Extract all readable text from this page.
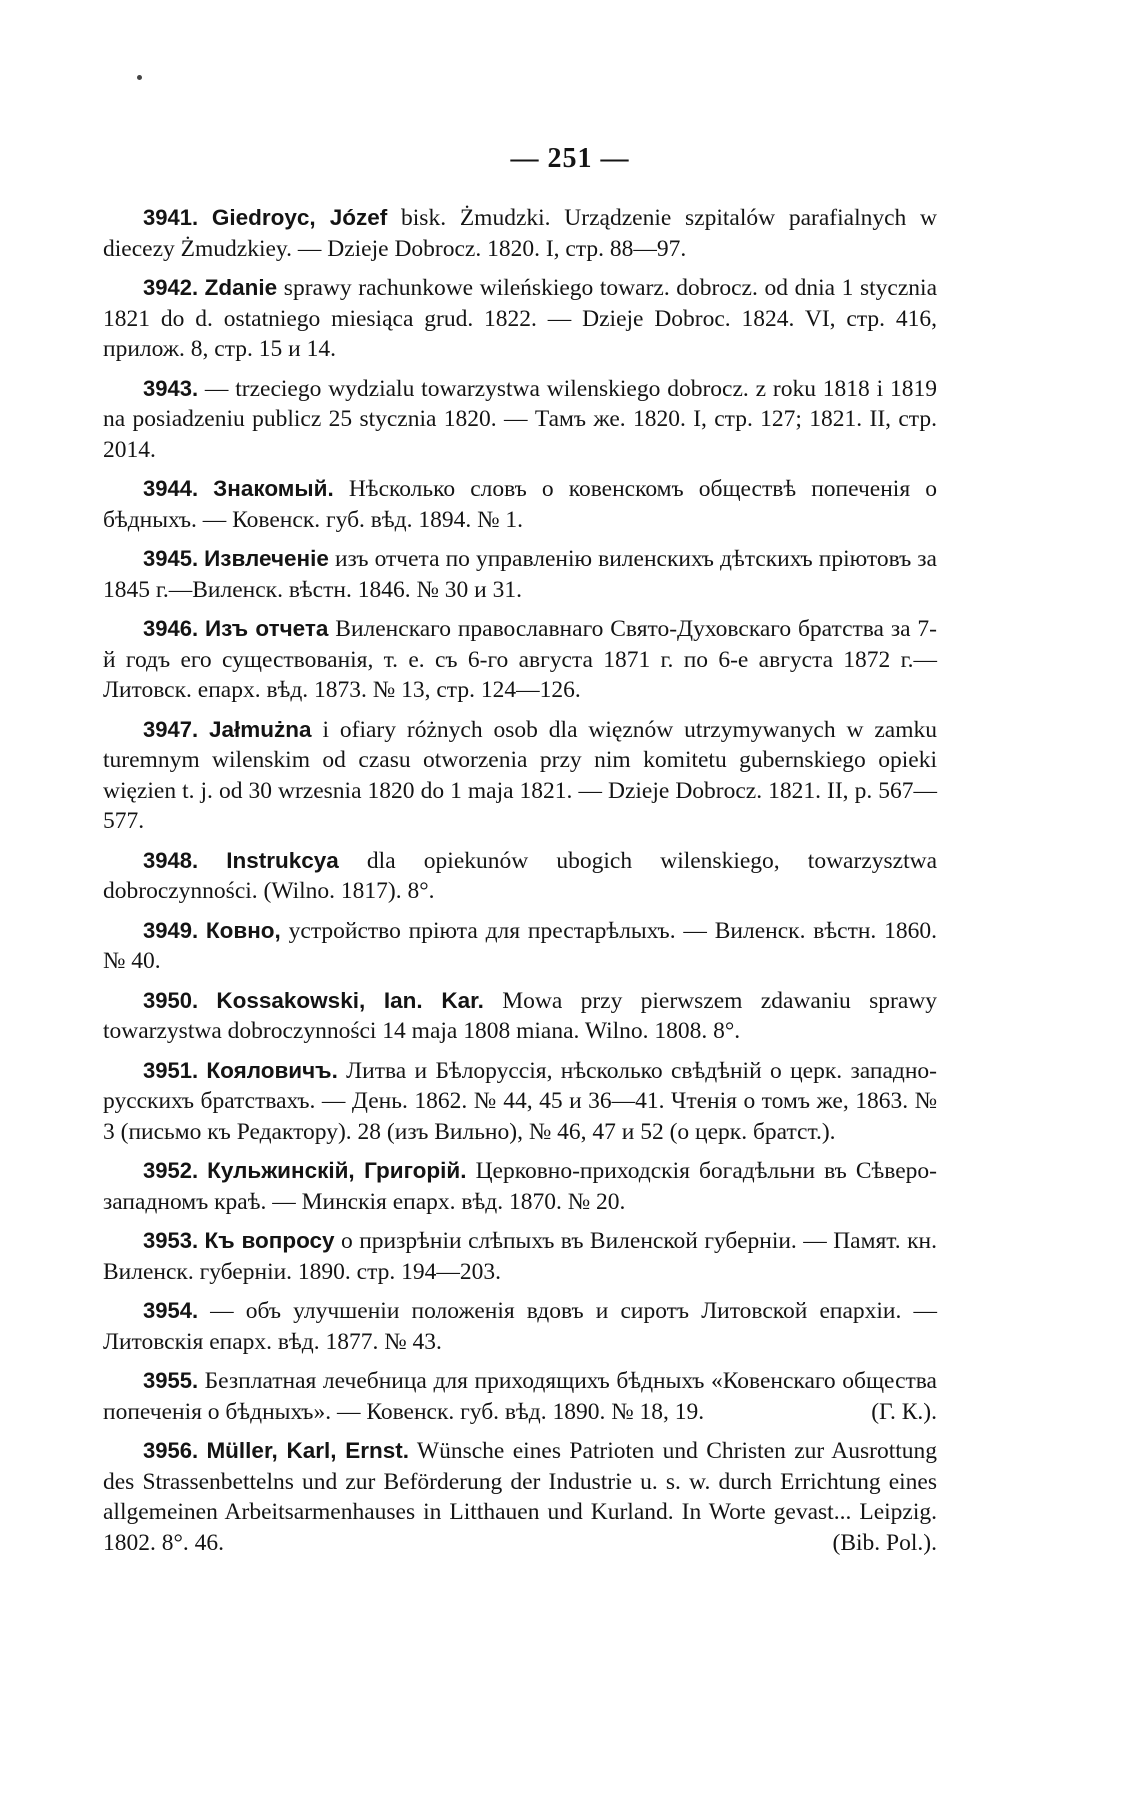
— 251 —

3941. Giedroyc, Józef bisk. Żmudzki. Urządzenie szpitalów parafialnych w diecezy Żmudzkiey. — Dzieje Dobrocz. 1820. I, стр. 88—97.

3942. Zdanie sprawy rachunkowe wileńskiego towarz. dobrocz. od dnia 1 stycznia 1821 do d. ostatniego miesiąca grud. 1822. — Dzieje Dobroc. 1824. VI, стр. 416, прилож. 8, стр. 15 и 14.

3943. — trzeciego wydzialu towarzystwa wilenskiego dobrocz. z roku 1818 i 1819 na posiadzeniu publicz 25 stycznia 1820. — Тамъ же. 1820. I, стр. 127; 1821. II, стр. 2014.

3944. Знакомый. Нѣсколько словъ о ковенскомъ обществѣ попеченія о бѣдныхъ. — Ковенск. губ. вѣд. 1894. № 1.

3945. Извлеченіе изъ отчета по управленію виленскихъ дѣтскихъ пріютовъ за 1845 г.—Виленск. вѣстн. 1846. № 30 и 31.

3946. Изъ отчета Виленскаго православнаго Свято-Духовскаго братства за 7-й годъ его существованія, т. е. съ 6-го августа 1871 г. по 6-е августа 1872 г.—Литовск. епарх. вѣд. 1873. № 13, стр. 124—126.

3947. Jałmużna i ofiary różnych osob dla więznów utrzymywanych w zamku turemnym wilenskim od czasu otworzenia przy nim komitetu gubernskiego opieki więzien t. j. od 30 wrzesnia 1820 do 1 maja 1821. — Dzieje Dobrocz. 1821. II, p. 567—577.

3948. Instrukcya dla opiekunów ubogich wilenskiego, towarzysztwa dobroczynności. (Wilno. 1817). 8°.

3949. Ковно, устройство пріюта для престарѣлыхъ. — Виленск. вѣстн. 1860. № 40.

3950. Kossakowski, Ian. Kar. Mowa przy pierwszem zdawaniu sprawy towarzystwa dobroczynności 14 maja 1808 miana. Wilno. 1808. 8°.

3951. Кояловичъ. Литва и Бѣлоруссія, нѣсколько свѣдѣній о церк. западно-русскихъ братствахъ. — День. 1862. № 44, 45 и 36—41. Чтенія о томъ же, 1863. № 3 (письмо къ Редактору). 28 (изъ Вильно), № 46, 47 и 52 (о церк. братст.).

3952. Кульжинскій, Григорій. Церковно-приходскія богадѣльни въ Сѣверо-западномъ краѣ. — Минскія епарх. вѣд. 1870. № 20.

3953. Къ вопросу о призрѣніи слѣпыхъ въ Виленской губерніи. — Памят. кн. Виленск. губерніи. 1890. стр. 194—203.

3954. — объ улучшеніи положенія вдовъ и сиротъ Литовской епархіи. — Литовскія епарх. вѣд. 1877. № 43.

3955. Безплатная лечебница для приходящихъ бѣдныхъ «Ковенскаго общества попеченія о бѣдныхъ». — Ковенск. губ. вѣд. 1890. № 18, 19.	(Г. К.).

3956. Müller, Karl, Ernst. Wünsche eines Patrioten und Christen zur Ausrottung des Strassenbettelns und zur Beförderung der Industrie u. s. w. durch Errichtung eines allgemeinen Arbeitsarmenhauses in Litthauen und Kurland. In Worte gevast... Leipzig. 1802. 8°. 46.	(Bib. Pol.).
